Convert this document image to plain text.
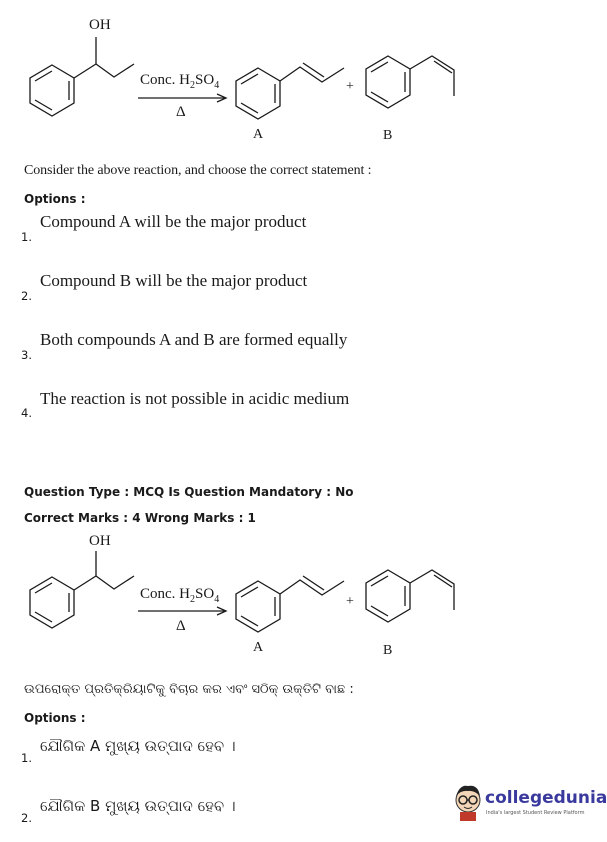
OH
Conc. $H_2SO_4$
Δ
+
A	B
Consider the above reaction, and choose the correct statement :
Options :
Compound A will be the major product
1.
Compound B will be the major product
2.
Both compounds A and B are formed equally
3.
The reaction is not possible in acidic medium
4.
Question Type : MCQ Is Question Mandatory : No
Correct Marks : 4 Wrong Marks : 1
OH
Conc. $H_2SO_4$
Δ
+
A	B
ଉପରୋକ୍ତ ପ୍ରତିକ୍ରିୟାଟିକୁ ବିଚାର କର ଏବଂ ସଠିକ୍ ଉକ୍ତିଟି ବାଛ :
Options :
ଯୌଗିକ A ମୁଖ୍ୟ ଉତ୍ପାଦ ହେବ ।
1.
ଯୌଗିକ B ମୁଖ୍ୟ ଉତ୍ପାଦ ହେବ ।
2.
collegedunia
India's largest Student Review Platform
